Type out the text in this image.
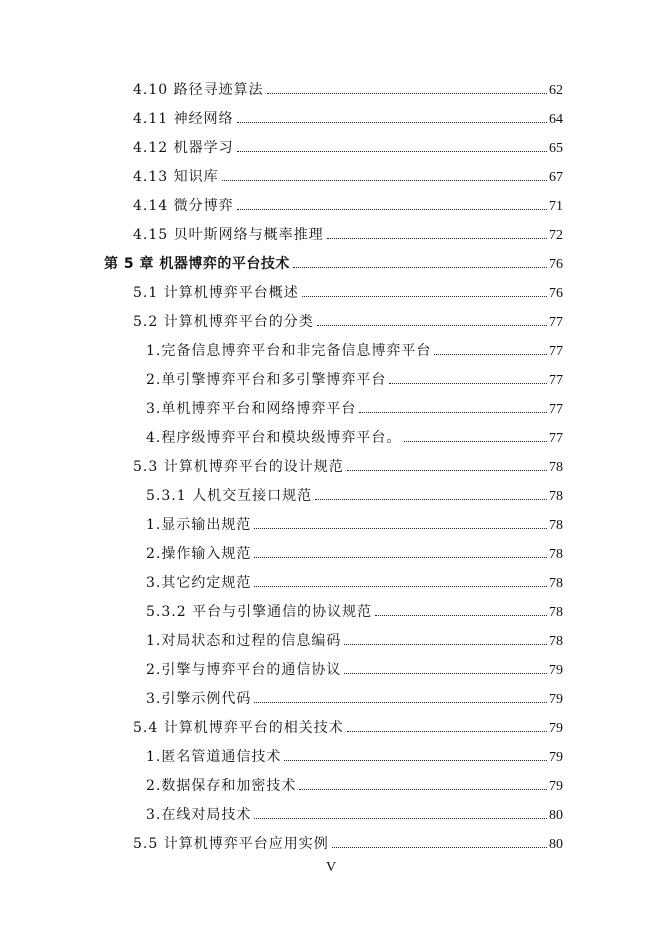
4.10 路径寻迹算法	62
4.11 神经网络	64
4.12 机器学习	65
4.13 知识库	67
4.14 微分博弈	71
4.15 贝叶斯网络与概率推理	72
第 5 章 机器博弈的平台技术	76
5.1 计算机博弈平台概述	76
5.2 计算机博弈平台的分类	77
1.完备信息博弈平台和非完备信息博弈平台	77
2.单引擎博弈平台和多引擎博弈平台	77
3.单机博弈平台和网络博弈平台	77
4.程序级博弈平台和模块级博弈平台。	77
5.3 计算机博弈平台的设计规范	78
5.3.1 人机交互接口规范	78
1.显示输出规范	78
2.操作输入规范	78
3.其它约定规范	78
5.3.2 平台与引擎通信的协议规范	78
1.对局状态和过程的信息编码	78
2.引擎与博弈平台的通信协议	79
3.引擎示例代码	79
5.4 计算机博弈平台的相关技术	79
1.匿名管道通信技术	79
2.数据保存和加密技术	79
3.在线对局技术	80
5.5 计算机博弈平台应用实例	80
V
